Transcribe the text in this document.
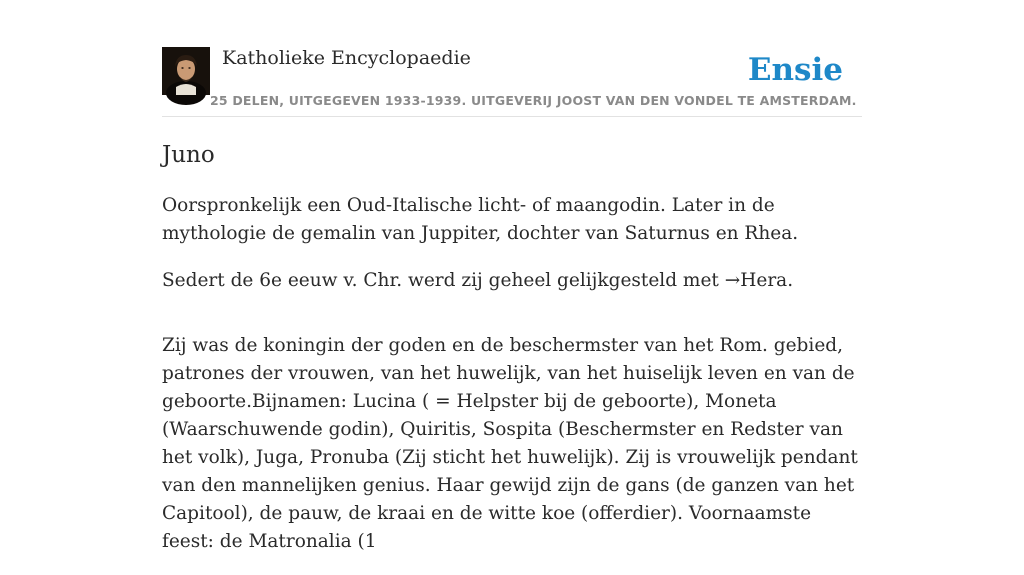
Katholieke Encyclopaedie
25 DELEN, UITGEGEVEN 1933-1939. UITGEVERIJ JOOST VAN DEN VONDEL TE AMSTERDAM.
Ensie
Juno

Oorspronkelijk een Oud-Italische licht- of maangodin. Later in de mythologie de gemalin van Juppiter, dochter van Saturnus en Rhea.

Sedert de 6e eeuw v. Chr. werd zij geheel gelijkgesteld met →Hera.

Zij was de koningin der goden en de beschermster van het Rom. gebied, patrones der vrouwen, van het huwelijk, van het huiselijk leven en van de geboorte.Bijnamen: Lucina ( = Helpster bij de geboorte), Moneta (Waarschuwende godin), Quiritis, Sospita (Beschermster en Redster van het volk), Juga, Pronuba (Zij sticht het huwelijk). Zij is vrouwelijk pendant van den mannelijken genius. Haar gewijd zijn de gans (de ganzen van het Capitool), de pauw, de kraai en de witte koe (offerdier). Voornaamste feest: de Matronalia (1
